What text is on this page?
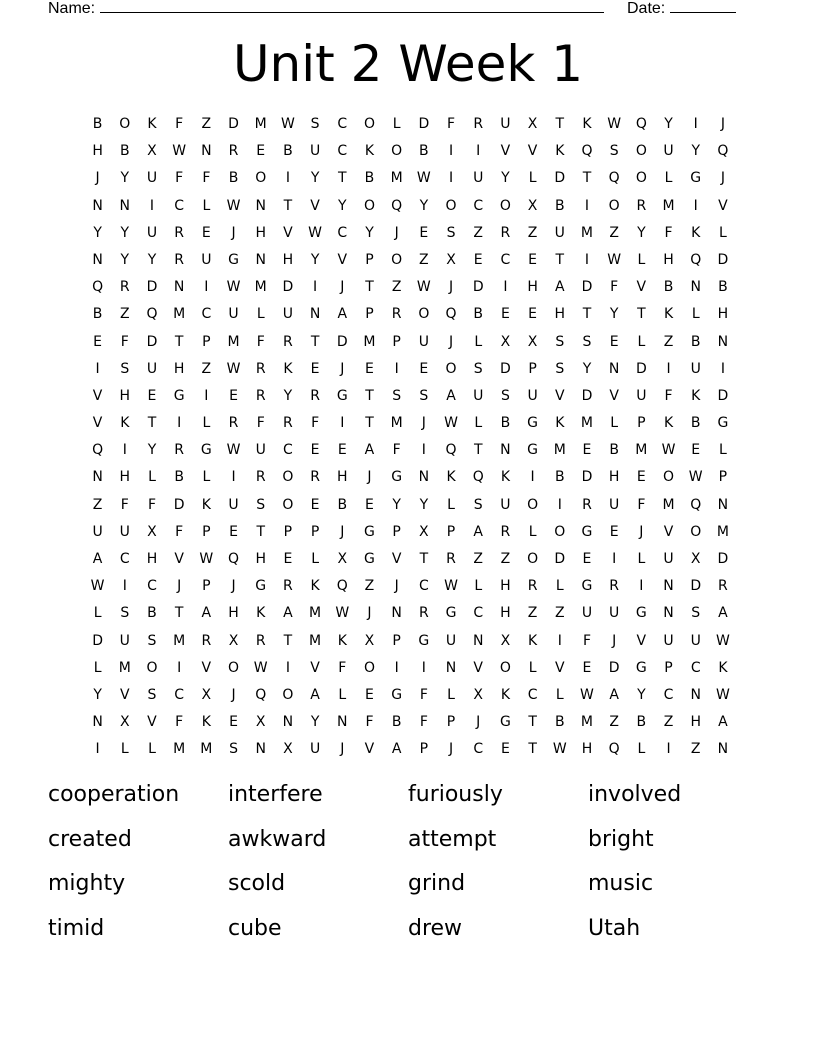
Name:	Date:
Unit 2 Week 1
B	O	K	F	Z	D	M	W	S	C	O	L	D	F	R	U	X	T	K	W	Q	Y	I	J
H	B	X	W	N	R	E	B	U	C	K	O	B	I	I	V	V	K	Q	S	O	U	Y	Q
J	Y	U	F	F	B	O	I	Y	T	B	M	W	I	U	Y	L	D	T	Q	O	L	G	J
N	N	I	C	L	W	N	T	V	Y	O	Q	Y	O	C	O	X	B	I	O	R	M	I	V
Y	Y	U	R	E	J	H	V	W	C	Y	J	E	S	Z	R	Z	U	M	Z	Y	F	K	L
N	Y	Y	R	U	G	N	H	Y	V	P	O	Z	X	E	C	E	T	I	W	L	H	Q	D
Q	R	D	N	I	W	M	D	I	J	T	Z	W	J	D	I	H	A	D	F	V	B	N	B
B	Z	Q	M	C	U	L	U	N	A	P	R	O	Q	B	E	E	H	T	Y	T	K	L	H
E	F	D	T	P	M	F	R	T	D	M	P	U	J	L	X	X	S	S	E	L	Z	B	N
I	S	U	H	Z	W	R	K	E	J	E	I	E	O	S	D	P	S	Y	N	D	I	U	I
V	H	E	G	I	E	R	Y	R	G	T	S	S	A	U	S	U	V	D	V	U	F	K	D
V	K	T	I	L	R	F	R	F	I	T	M	J	W	L	B	G	K	M	L	P	K	B	G
Q	I	Y	R	G	W	U	C	E	E	A	F	I	Q	T	N	G	M	E	B	M	W	E	L
N	H	L	B	L	I	R	O	R	H	J	G	N	K	Q	K	I	B	D	H	E	O	W	P
Z	F	F	D	K	U	S	O	E	B	E	Y	Y	L	S	U	O	I	R	U	F	M	Q	N
U	U	X	F	P	E	T	P	P	J	G	P	X	P	A	R	L	O	G	E	J	V	O	M
A	C	H	V	W	Q	H	E	L	X	G	V	T	R	Z	Z	O	D	E	I	L	U	X	D
W	I	C	J	P	J	G	R	K	Q	Z	J	C	W	L	H	R	L	G	R	I	N	D	R
L	S	B	T	A	H	K	A	M	W	J	N	R	G	C	H	Z	Z	U	U	G	N	S	A
D	U	S	M	R	X	R	T	M	K	X	P	G	U	N	X	K	I	F	J	V	U	U	W
L	M	O	I	V	O	W	I	V	F	O	I	I	N	V	O	L	V	E	D	G	P	C	K
Y	V	S	C	X	J	Q	O	A	L	E	G	F	L	X	K	C	L	W	A	Y	C	N	W
N	X	V	F	K	E	X	N	Y	N	F	B	F	P	J	G	T	B	M	Z	B	Z	H	A
I	L	L	M	M	S	N	X	U	J	V	A	P	J	C	E	T	W	H	Q	L	I	Z	N
cooperation	interfere	furiously	involved
created	awkward	attempt	bright
mighty	scold	grind	music
timid	cube	drew	Utah
